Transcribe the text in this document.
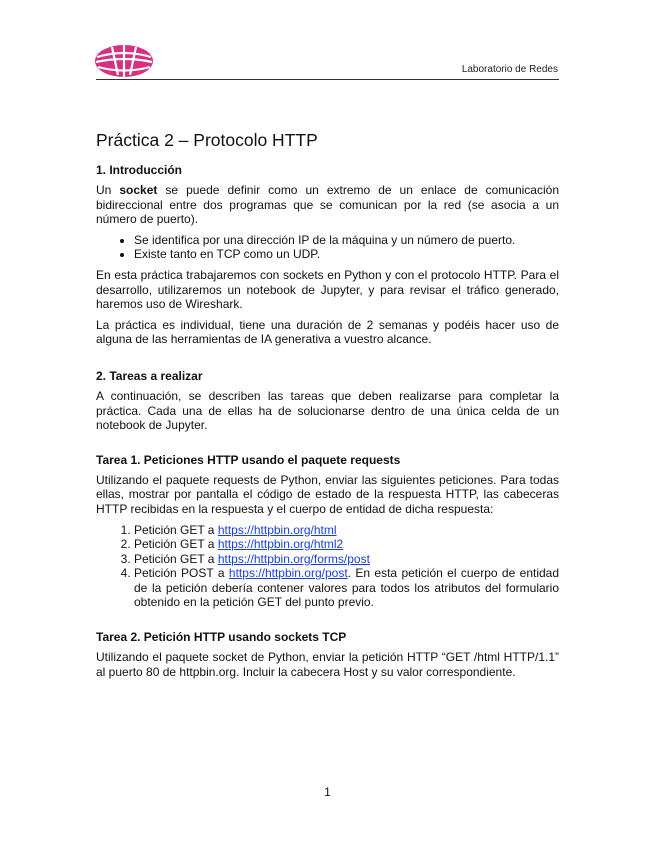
Laboratorio de Redes
Práctica 2 – Protocolo HTTP
1. Introducción

Un socket se puede definir como un extremo de un enlace de comunicación bidireccional entre dos programas que se comunican por la red (se asocia a un número de puerto).

• Se identifica por una dirección IP de la máquina y un número de puerto.
• Existe tanto en TCP como un UDP.

En esta práctica trabajaremos con sockets en Python y con el protocolo HTTP. Para el desarrollo, utilizaremos un notebook de Jupyter, y para revisar el tráfico generado, haremos uso de Wireshark.

La práctica es individual, tiene una duración de 2 semanas y podéis hacer uso de alguna de las herramientas de IA generativa a vuestro alcance.

2. Tareas a realizar

A continuación, se describen las tareas que deben realizarse para completar la práctica. Cada una de ellas ha de solucionarse dentro de una única celda de un notebook de Jupyter.

Tarea 1. Peticiones HTTP usando el paquete requests

Utilizando el paquete requests de Python, enviar las siguientes peticiones. Para todas ellas, mostrar por pantalla el código de estado de la respuesta HTTP, las cabeceras HTTP recibidas en la respuesta y el cuerpo de entidad de dicha respuesta:

1. Petición GET a https://httpbin.org/html
2. Petición GET a https://httpbin.org/html2
3. Petición GET a https://httpbin.org/forms/post
4. Petición POST a https://httpbin.org/post. En esta petición el cuerpo de entidad de la petición debería contener valores para todos los atributos del formulario obtenido en la petición GET del punto previo.
Tarea 2. Petición HTTP usando sockets TCP

Utilizando el paquete socket de Python, enviar la petición HTTP “GET /html HTTP/1.1” al puerto 80 de httpbin.org. Incluir la cabecera Host y su valor correspondiente.

1
